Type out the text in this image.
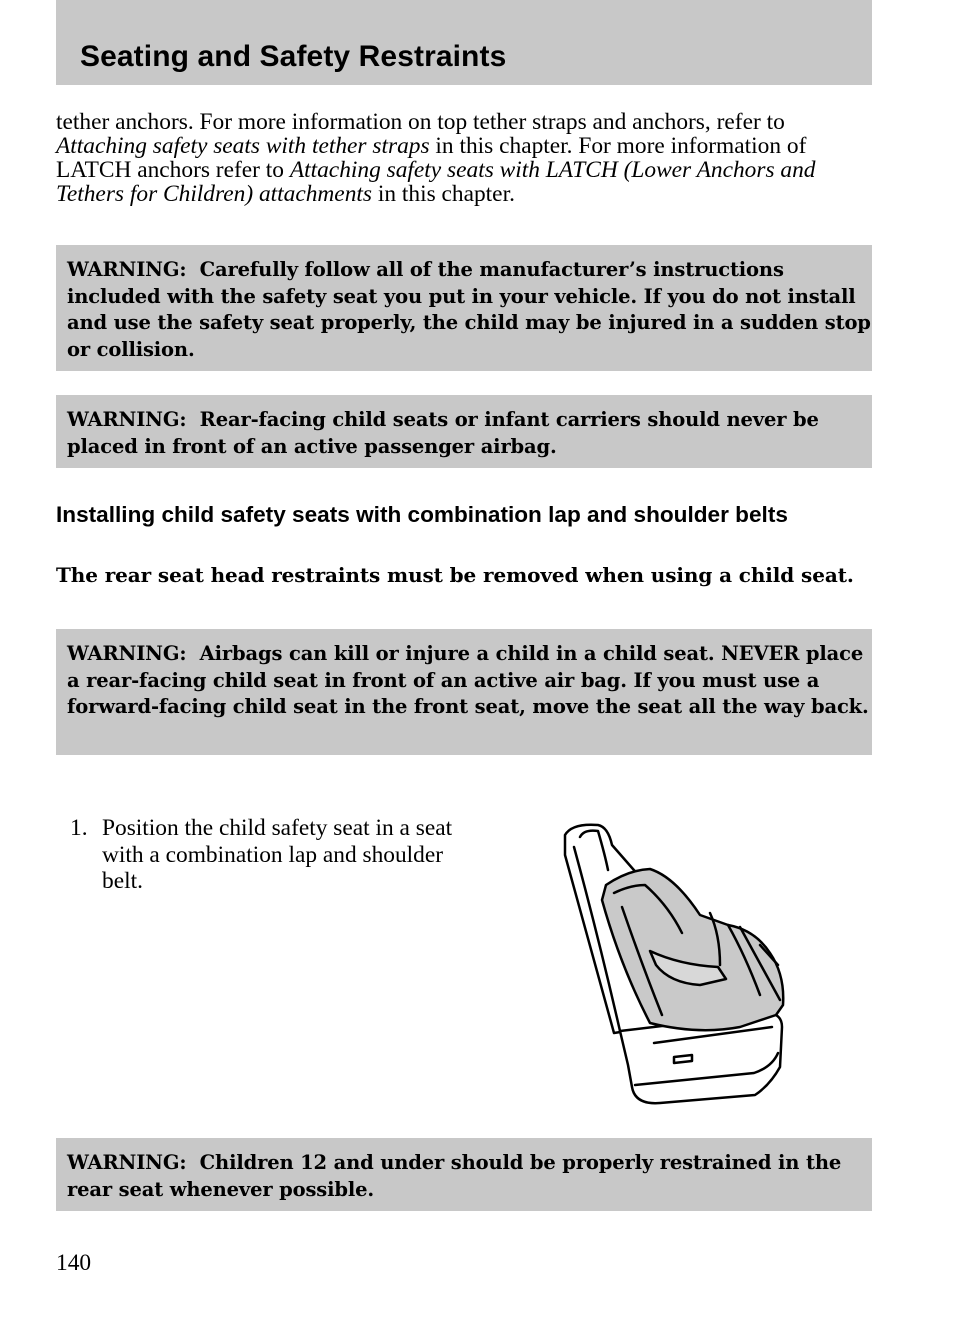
Seating and Safety Restraints

tether anchors. For more information on top tether straps and anchors, refer to Attaching safety seats with tether straps in this chapter. For more information of LATCH anchors refer to Attaching safety seats with LATCH (Lower Anchors and Tethers for Children) attachments in this chapter.

WARNING:  Carefully follow all of the manufacturer’s instructions included with the safety seat you put in your vehicle. If you do not install and use the safety seat properly, the child may be injured in a sudden stop or collision.

WARNING:  Rear-facing child seats or infant carriers should never be placed in front of an active passenger airbag.

Installing child safety seats with combination lap and shoulder belts

The rear seat head restraints must be removed when using a child seat.

WARNING:  Airbags can kill or injure a child in a child seat. NEVER place a rear-facing child seat in front of an active air bag. If you must use a forward-facing child seat in the front seat, move the seat all the way back.

1. Position the child safety seat in a seat with a combination lap and shoulder belt.

WARNING:  Children 12 and under should be properly restrained in the rear seat whenever possible.

140
